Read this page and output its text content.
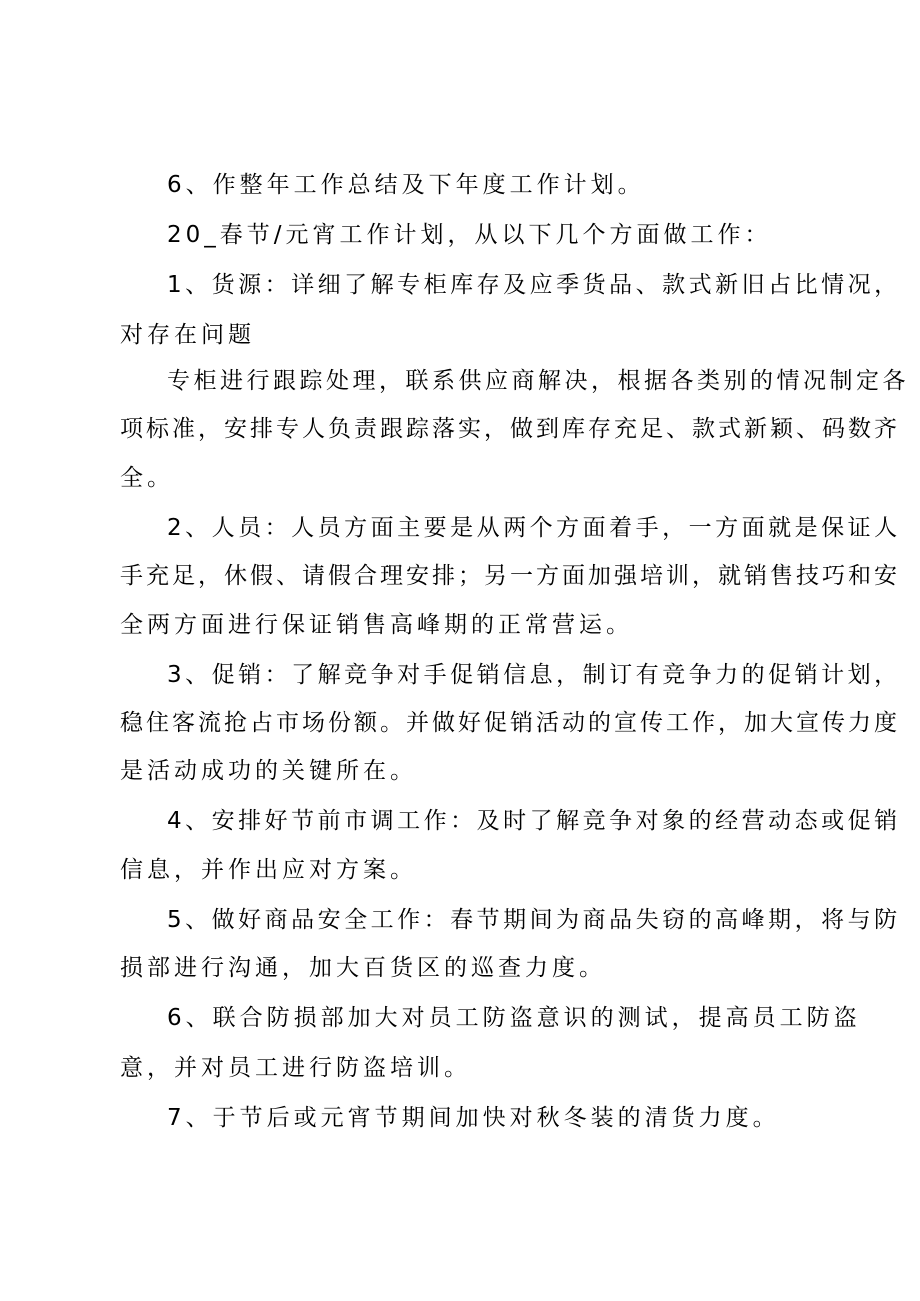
6、作整年工作总结及下年度工作计划。
20_春节/元宵工作计划，从以下几个方面做工作：
1、货源：详细了解专柜库存及应季货品、款式新旧占比情况，
对存在问题
专柜进行跟踪处理，联系供应商解决，根据各类别的情况制定各
项标准，安排专人负责跟踪落实，做到库存充足、款式新颖、码数齐
全。
2、人员：人员方面主要是从两个方面着手，一方面就是保证人
手充足，休假、请假合理安排；另一方面加强培训，就销售技巧和安
全两方面进行保证销售高峰期的正常营运。
3、促销：了解竞争对手促销信息，制订有竞争力的促销计划，
稳住客流抢占市场份额。并做好促销活动的宣传工作，加大宣传力度
是活动成功的关键所在。
4、安排好节前市调工作：及时了解竞争对象的经营动态或促销
信息，并作出应对方案。
5、做好商品安全工作：春节期间为商品失窃的高峰期，将与防
损部进行沟通，加大百货区的巡查力度。
6、联合防损部加大对员工防盗意识的测试，提高员工防盗
意，并对员工进行防盗培训。
7、于节后或元宵节期间加快对秋冬装的清货力度。
